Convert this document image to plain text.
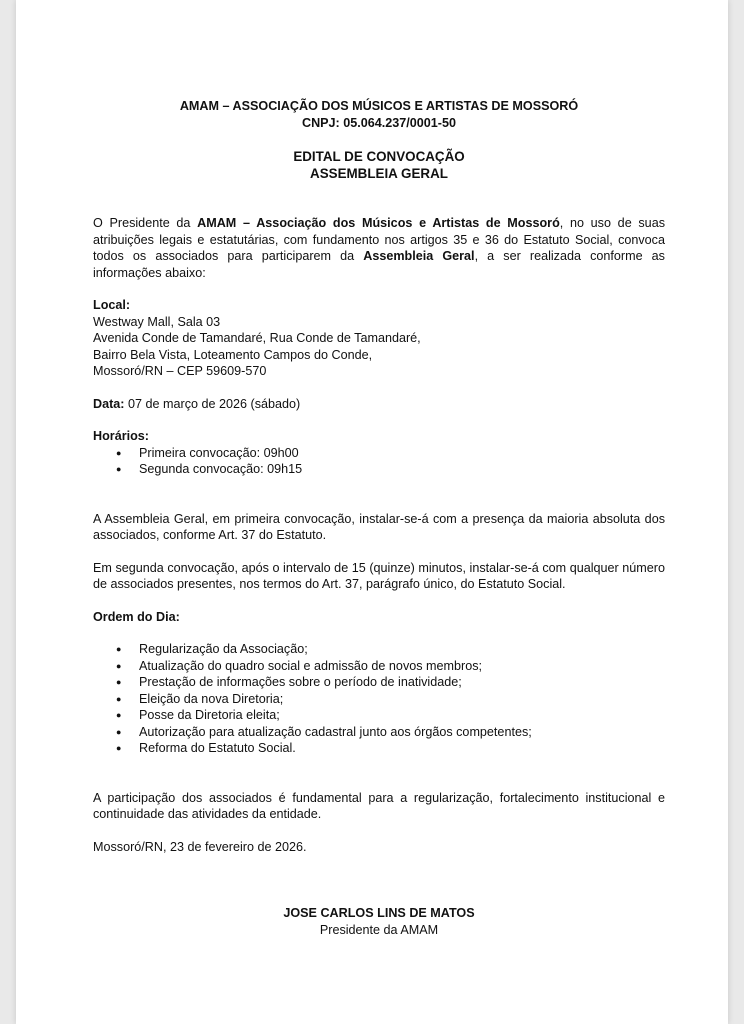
AMAM – ASSOCIAÇÃO DOS MÚSICOS E ARTISTAS DE MOSSORÓ
CNPJ: 05.064.237/0001-50
EDITAL DE CONVOCAÇÃO
ASSEMBLEIA GERAL

O Presidente da AMAM – Associação dos Músicos e Artistas de Mossoró, no uso de suas atribuições legais e estatutárias, com fundamento nos artigos 35 e 36 do Estatuto Social, convoca todos os associados para participarem da Assembleia Geral, a ser realizada conforme as informações abaixo:

Local:
Westway Mall, Sala 03
Avenida Conde de Tamandaré, Rua Conde de Tamandaré,
Bairro Bela Vista, Loteamento Campos do Conde,
Mossoró/RN – CEP 59609-570
Data: 07 de março de 2026 (sábado)
Horários:
● Primeira convocação: 09h00
● Segunda convocação: 09h15

A Assembleia Geral, em primeira convocação, instalar-se-á com a presença da maioria absoluta dos associados, conforme Art. 37 do Estatuto.

Em segunda convocação, após o intervalo de 15 (quinze) minutos, instalar-se-á com qualquer número de associados presentes, nos termos do Art. 37, parágrafo único, do Estatuto Social.

Ordem do Dia:
● Regularização da Associação;
● Atualização do quadro social e admissão de novos membros;
● Prestação de informações sobre o período de inatividade;
● Eleição da nova Diretoria;
● Posse da Diretoria eleita;
● Autorização para atualização cadastral junto aos órgãos competentes;
● Reforma do Estatuto Social.

A participação dos associados é fundamental para a regularização, fortalecimento institucional e continuidade das atividades da entidade.

Mossoró/RN, 23 de fevereiro de 2026.
JOSE CARLOS LINS DE MATOS
Presidente da AMAM
